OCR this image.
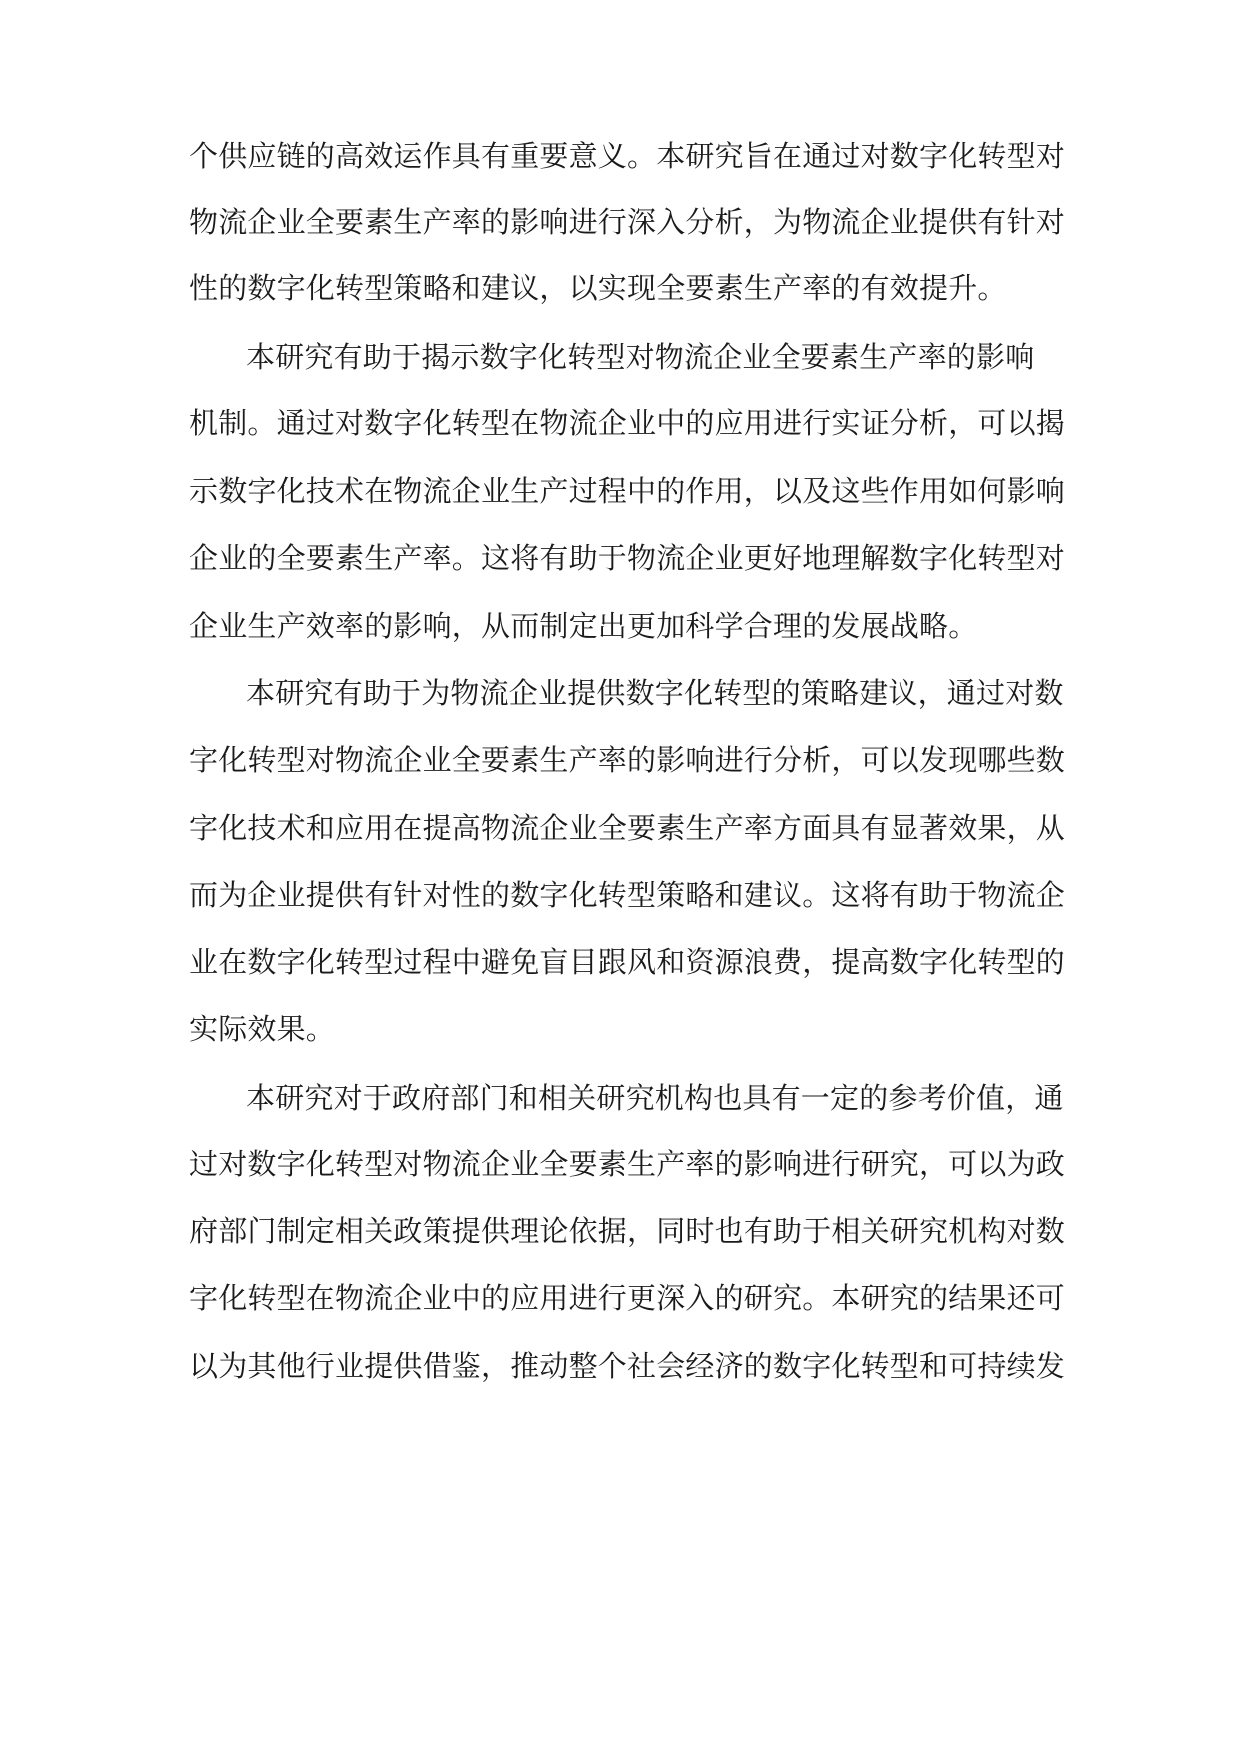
个供应链的高效运作具有重要意义。本研究旨在通过对数字化转型对
物流企业全要素生产率的影响进行深入分析，为物流企业提供有针对
性的数字化转型策略和建议，以实现全要素生产率的有效提升。
本研究有助于揭示数字化转型对物流企业全要素生产率的影响
机制。通过对数字化转型在物流企业中的应用进行实证分析，可以揭
示数字化技术在物流企业生产过程中的作用，以及这些作用如何影响
企业的全要素生产率。这将有助于物流企业更好地理解数字化转型对
企业生产效率的影响，从而制定出更加科学合理的发展战略。
本研究有助于为物流企业提供数字化转型的策略建议，通过对数
字化转型对物流企业全要素生产率的影响进行分析，可以发现哪些数
字化技术和应用在提高物流企业全要素生产率方面具有显著效果，从
而为企业提供有针对性的数字化转型策略和建议。这将有助于物流企
业在数字化转型过程中避免盲目跟风和资源浪费，提高数字化转型的
实际效果。
本研究对于政府部门和相关研究机构也具有一定的参考价值，通
过对数字化转型对物流企业全要素生产率的影响进行研究，可以为政
府部门制定相关政策提供理论依据，同时也有助于相关研究机构对数
字化转型在物流企业中的应用进行更深入的研究。本研究的结果还可
以为其他行业提供借鉴，推动整个社会经济的数字化转型和可持续发
